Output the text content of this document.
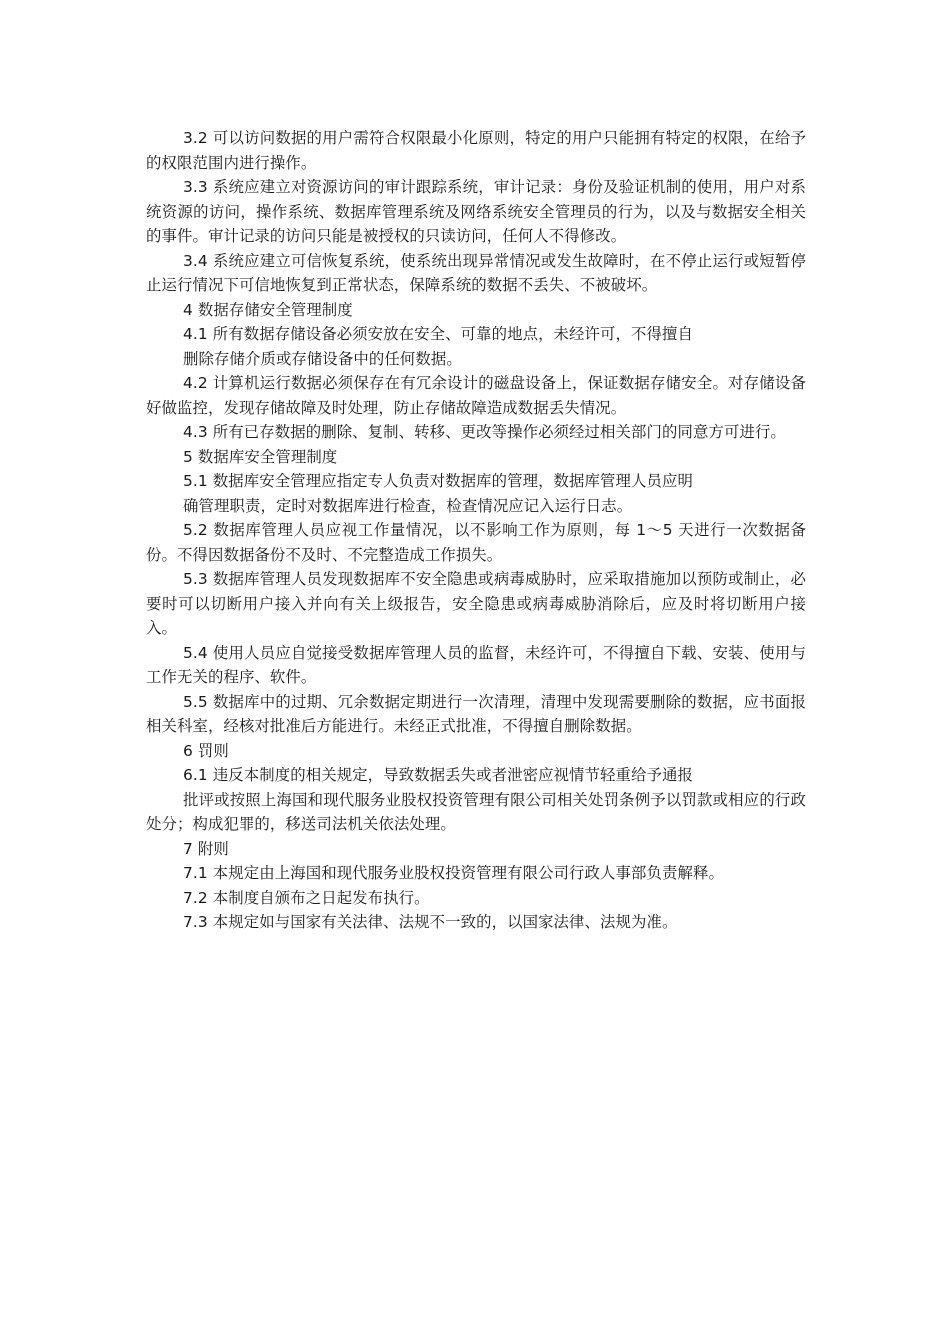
3.2 可以访问数据的用户需符合权限最小化原则，特定的用户只能拥有特定的权限，在给予的权限范围内进行操作。

3.3 系统应建立对资源访问的审计跟踪系统，审计记录：身份及验证机制的使用，用户对系统资源的访问，操作系统、数据库管理系统及网络系统安全管理员的行为，以及与数据安全相关的事件。审计记录的访问只能是被授权的只读访问，任何人不得修改。

3.4 系统应建立可信恢复系统，使系统出现异常情况或发生故障时，在不停止运行或短暂停止运行情况下可信地恢复到正常状态，保障系统的数据不丢失、不被破坏。

4 数据存储安全管理制度

4.1 所有数据存储设备必须安放在安全、可靠的地点，未经许可，不得擅自

删除存储介质或存储设备中的任何数据。

4.2 计算机运行数据必须保存在有冗余设计的磁盘设备上，保证数据存储安全。对存储设备好做监控，发现存储故障及时处理，防止存储故障造成数据丢失情况。

4.3 所有已存数据的删除、复制、转移、更改等操作必须经过相关部门的同意方可进行。

5 数据库安全管理制度

5.1 数据库安全管理应指定专人负责对数据库的管理，数据库管理人员应明

确管理职责，定时对数据库进行检查，检查情况应记入运行日志。

5.2 数据库管理人员应视工作量情况，以不影响工作为原则，每 1～5 天进行一次数据备份。不得因数据备份不及时、不完整造成工作损失。

5.3 数据库管理人员发现数据库不安全隐患或病毒威胁时，应采取措施加以预防或制止，必要时可以切断用户接入并向有关上级报告，安全隐患或病毒威胁消除后，应及时将切断用户接入。

5.4 使用人员应自觉接受数据库管理人员的监督，未经许可，不得擅自下载、安装、使用与工作无关的程序、软件。

5.5 数据库中的过期、冗余数据定期进行一次清理，清理中发现需要删除的数据，应书面报相关科室，经核对批准后方能进行。未经正式批准，不得擅自删除数据。

6 罚则

6.1 违反本制度的相关规定，导致数据丢失或者泄密应视情节轻重给予通报

批评或按照上海国和现代服务业股权投资管理有限公司相关处罚条例予以罚款或相应的行政处分；构成犯罪的，移送司法机关依法处理。

7 附则

7.1 本规定由上海国和现代服务业股权投资管理有限公司行政人事部负责解释。

7.2 本制度自颁布之日起发布执行。

7.3 本规定如与国家有关法律、法规不一致的，以国家法律、法规为准。
